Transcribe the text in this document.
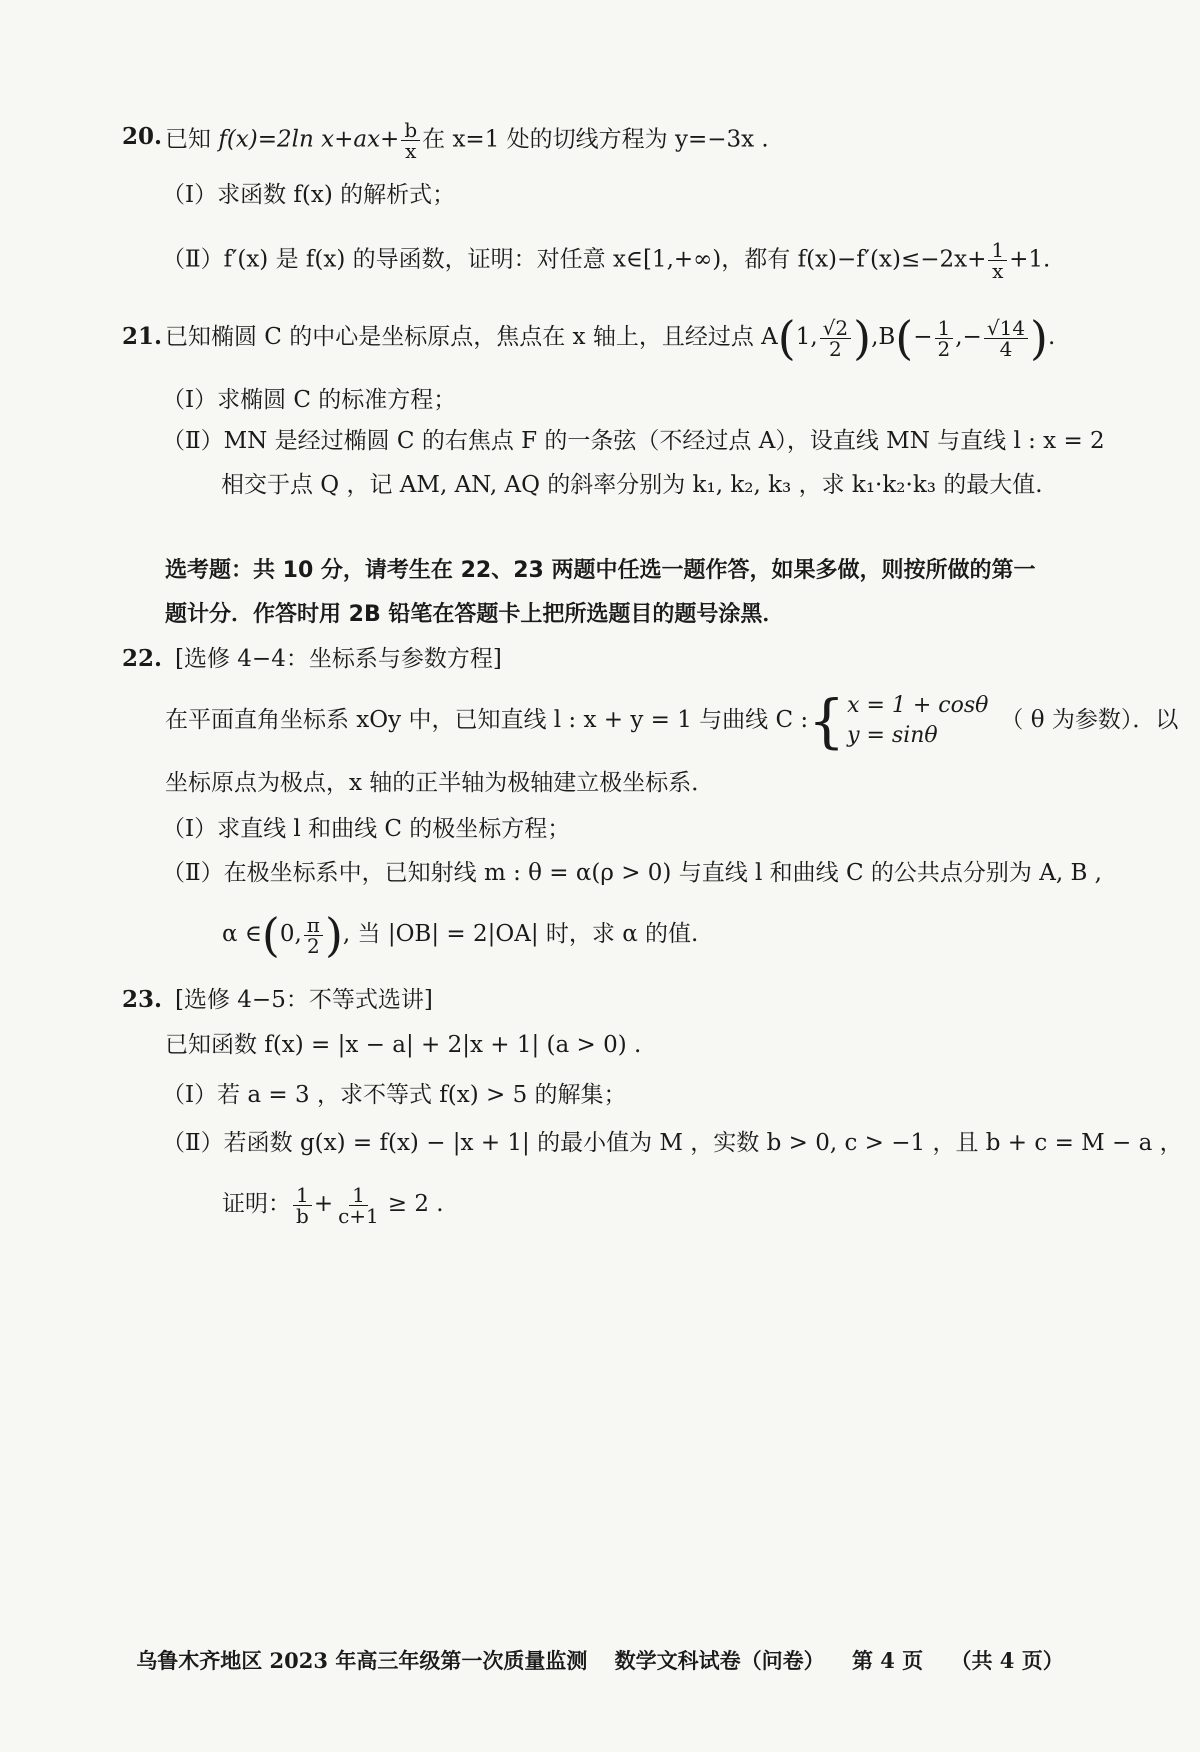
20. 已知 f(x)=2ln $x+ax+ \frac{b}{x}$ 在 x=1 处的切线方程为 y=−3x .
（Ⅰ）求函数 f(x) 的解析式；
（Ⅱ）f′(x) 是 f(x) 的导函数，证明：对任意 x∈[1,+∞)，都有 $f(x)-f'(x)\le-2x+ \frac{1}{x} +1$.
21. 已知椭圆 C 的中心是坐标原点，焦点在 x 轴上，且经过点 A(1, $\frac{√2}{2} ),B(- \frac{1}{2}$ ,− $\frac{√14}{4}$ ).
（Ⅰ）求椭圆 C 的标准方程；
（Ⅱ）MN 是经过椭圆 C 的右焦点 F 的一条弦（不经过点 A），设直线 MN 与直线 l : x = 2
相交于点 Q ，记 AM, AN, AQ 的斜率分别为 k₁, k₂, k₃ ，求 k₁·k₂·k₃ 的最大值.

选考题：共 10 分，请考生在 22、23 两题中任选一题作答，如果多做，则按所做的第一
题计分．作答时用 2B 铅笔在答题卡上把所选题目的题号涂黑．
22. [选修 4−4：坐标系与参数方程]
在平面直角坐标系 xOy 中，已知直线 l : x + y = 1 与曲线 C : { x = 1 + cosθ
y = sinθ
（ θ 为参数）．以
坐标原点为极点，x 轴的正半轴为极轴建立极坐标系．
（Ⅰ）求直线 l 和曲线 C 的极坐标方程；
（Ⅱ）在极坐标系中，已知射线 m : θ = α(ρ > 0) 与直线 l 和曲线 C 的公共点分别为 A, B ,
α ∈(0, $\frac{\pi}{2}$ ), 当 |OB| = 2|OA| 时，求 α 的值.
23. [选修 4−5：不等式选讲]
已知函数 f(x) = |x − a| + 2|x + 1| (a > 0) .
（Ⅰ）若 a = 3 ，求不等式 f(x) > 5 的解集；
（Ⅱ）若函数 g(x) = f(x) − |x + 1| 的最小值为 M ，实数 b > 0, c > −1 ，且 b + c = M − a ，
证明： $\frac{1}{b} + \frac{1}{c+1} \ge 2$ .
乌鲁木齐地区 2023 年高三年级第一次质量监测 数学文科试卷（问卷） 第 4 页 （共 4 页）
